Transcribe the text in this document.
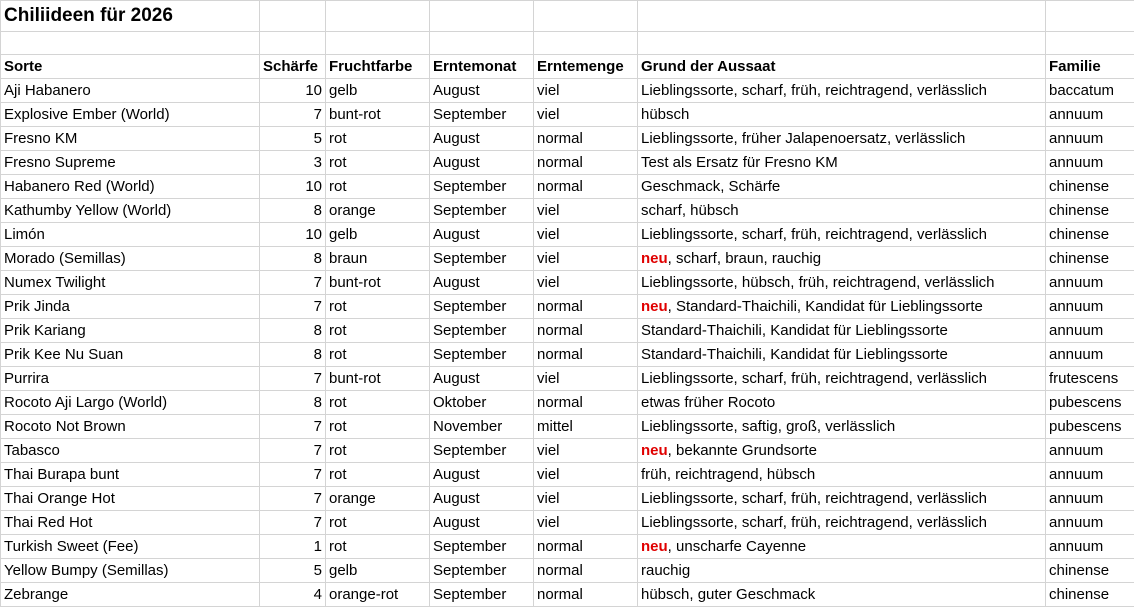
Chiliideen für 2026						

Sorte	Schärfe	Fruchtfarbe	Erntemonat	Erntemenge	Grund der Aussaat	Familie
Aji Habanero	10	gelb	August	viel	Lieblingssorte, scharf, früh, reichtragend, verlässlich	baccatum
Explosive Ember (World)	7	bunt-rot	September	viel	hübsch	annuum
Fresno KM	5	rot	August	normal	Lieblingssorte, früher Jalapenoersatz, verlässlich	annuum
Fresno Supreme	3	rot	August	normal	Test als Ersatz für Fresno KM	annuum
Habanero Red (World)	10	rot	September	normal	Geschmack, Schärfe	chinense
Kathumby Yellow (World)	8	orange	September	viel	scharf, hübsch	chinense
Limón	10	gelb	August	viel	Lieblingssorte, scharf, früh, reichtragend, verlässlich	chinense
Morado (Semillas)	8	braun	September	viel	neu, scharf, braun, rauchig	chinense
Numex Twilight	7	bunt-rot	August	viel	Lieblingssorte, hübsch, früh, reichtragend, verlässlich	annuum
Prik Jinda	7	rot	September	normal	neu, Standard-Thaichili, Kandidat für Lieblingssorte	annuum
Prik Kariang	8	rot	September	normal	Standard-Thaichili, Kandidat für Lieblingssorte	annuum
Prik Kee Nu Suan	8	rot	September	normal	Standard-Thaichili, Kandidat für Lieblingssorte	annuum
Purrira	7	bunt-rot	August	viel	Lieblingssorte, scharf, früh, reichtragend, verlässlich	frutescens
Rocoto Aji Largo (World)	8	rot	Oktober	normal	etwas früher Rocoto	pubescens
Rocoto Not Brown	7	rot	November	mittel	Lieblingssorte, saftig, groß, verlässlich	pubescens
Tabasco	7	rot	September	viel	neu, bekannte Grundsorte	annuum
Thai Burapa bunt	7	rot	August	viel	früh, reichtragend, hübsch	annuum
Thai Orange Hot	7	orange	August	viel	Lieblingssorte, scharf, früh, reichtragend, verlässlich	annuum
Thai Red Hot	7	rot	August	viel	Lieblingssorte, scharf, früh, reichtragend, verlässlich	annuum
Turkish Sweet (Fee)	1	rot	September	normal	neu, unscharfe Cayenne	annuum
Yellow Bumpy (Semillas)	5	gelb	September	normal	rauchig	chinense
Zebrange	4	orange-rot	September	normal	hübsch, guter Geschmack	chinense
